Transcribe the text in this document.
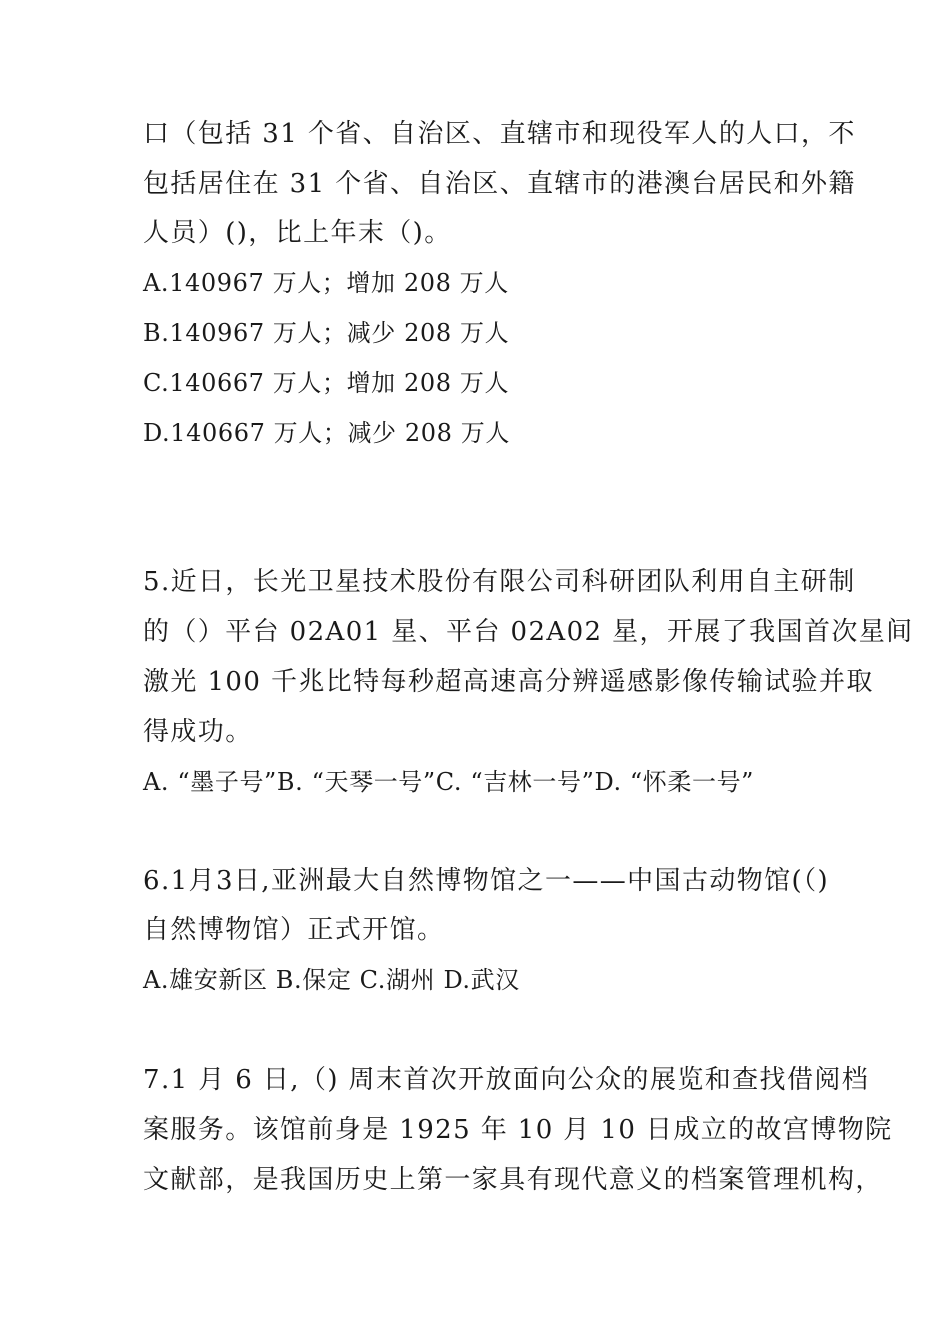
口（包括 31 个省、自治区、直辖市和现役军人的人口，不
包括居住在 31 个省、自治区、直辖市的港澳台居民和外籍
人员）()，比上年末（)。
A.140967 万人；增加 208 万人
B.140967 万人；减少 208 万人
C.140667 万人；增加 208 万人
D.140667 万人；减少 208 万人
5.近日，长光卫星技术股份有限公司科研团队利用自主研制
的（）平台 02A01 星、平台 02A02 星，开展了我国首次星间
激光 100 千兆比特每秒超高速高分辨遥感影像传输试验并取
得成功。
A. “墨子号”B. “天琴一号”C. “吉林一号”D. “怀柔一号”
6.1月3日,亚洲最大自然博物馆之一——中国古动物馆(（)
自然博物馆）正式开馆。
A.雄安新区 B.保定 C.湖州 D.武汉
7.1 月 6 日,（) 周末首次开放面向公众的展览和查找借阅档
案服务。该馆前身是 1925 年 10 月 10 日成立的故宫博物院
文献部，是我国历史上第一家具有现代意义的档案管理机构，
